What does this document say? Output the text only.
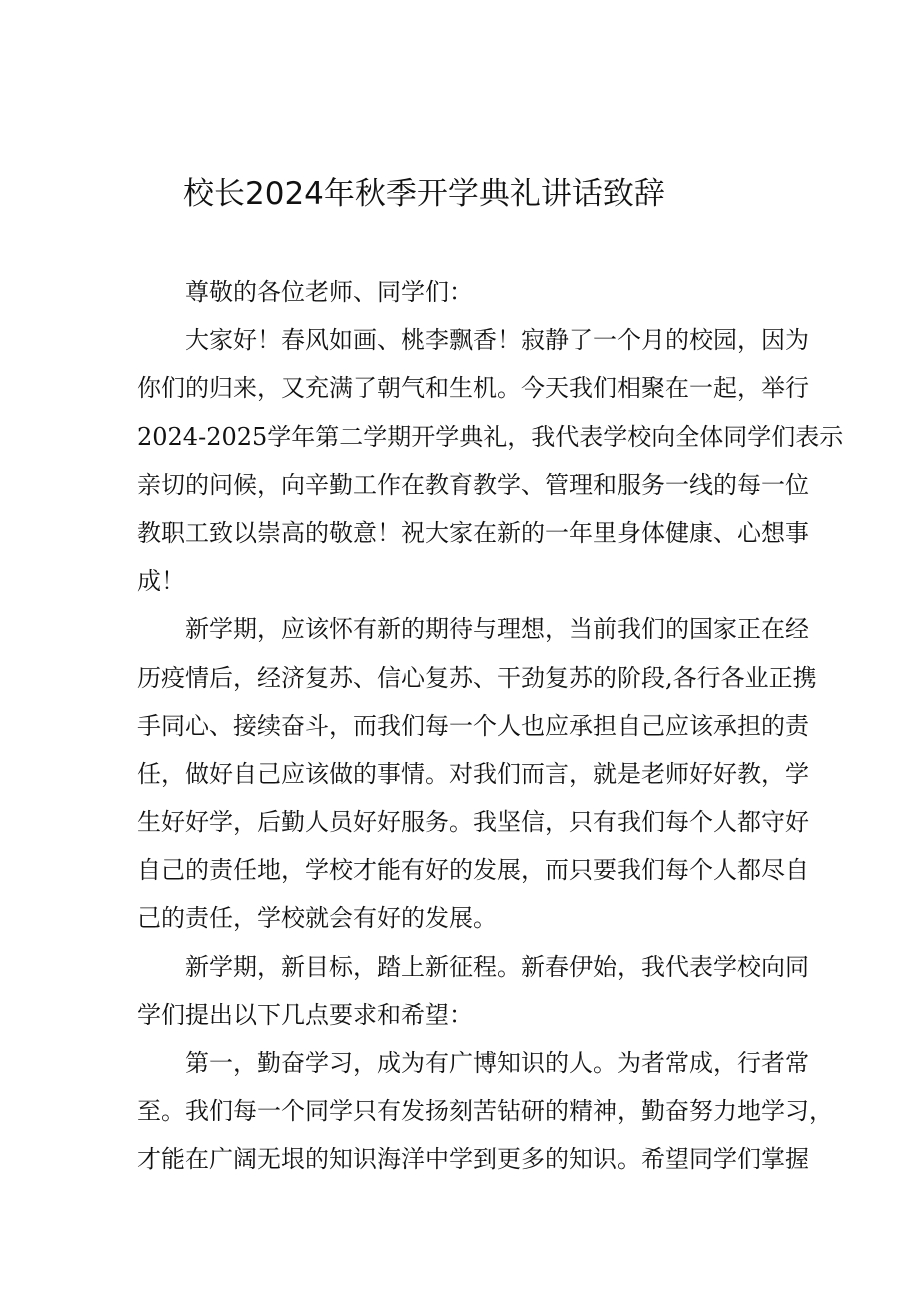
校长2024年秋季开学典礼讲话致辞

尊敬的各位老师、同学们：

大家好！春风如画、桃李飘香！寂静了一个月的校园，因为

你们的归来，又充满了朝气和生机。今天我们相聚在一起，举行

2024-2025学年第二学期开学典礼，我代表学校向全体同学们表示

亲切的问候，向辛勤工作在教育教学、管理和服务一线的每一位

教职工致以崇高的敬意！祝大家在新的一年里身体健康、心想事

成！

新学期，应该怀有新的期待与理想，当前我们的国家正在经

历疫情后，经济复苏、信心复苏、干劲复苏的阶段,各行各业正携

手同心、接续奋斗，而我们每一个人也应承担自己应该承担的责

任，做好自己应该做的事情。对我们而言，就是老师好好教，学

生好好学，后勤人员好好服务。我坚信，只有我们每个人都守好

自己的责任地，学校才能有好的发展，而只要我们每个人都尽自

己的责任，学校就会有好的发展。

新学期，新目标，踏上新征程。新春伊始，我代表学校向同

学们提出以下几点要求和希望：

第一，勤奋学习，成为有广博知识的人。为者常成，行者常

至。我们每一个同学只有发扬刻苦钻研的精神，勤奋努力地学习，

才能在广阔无垠的知识海洋中学到更多的知识。希望同学们掌握
